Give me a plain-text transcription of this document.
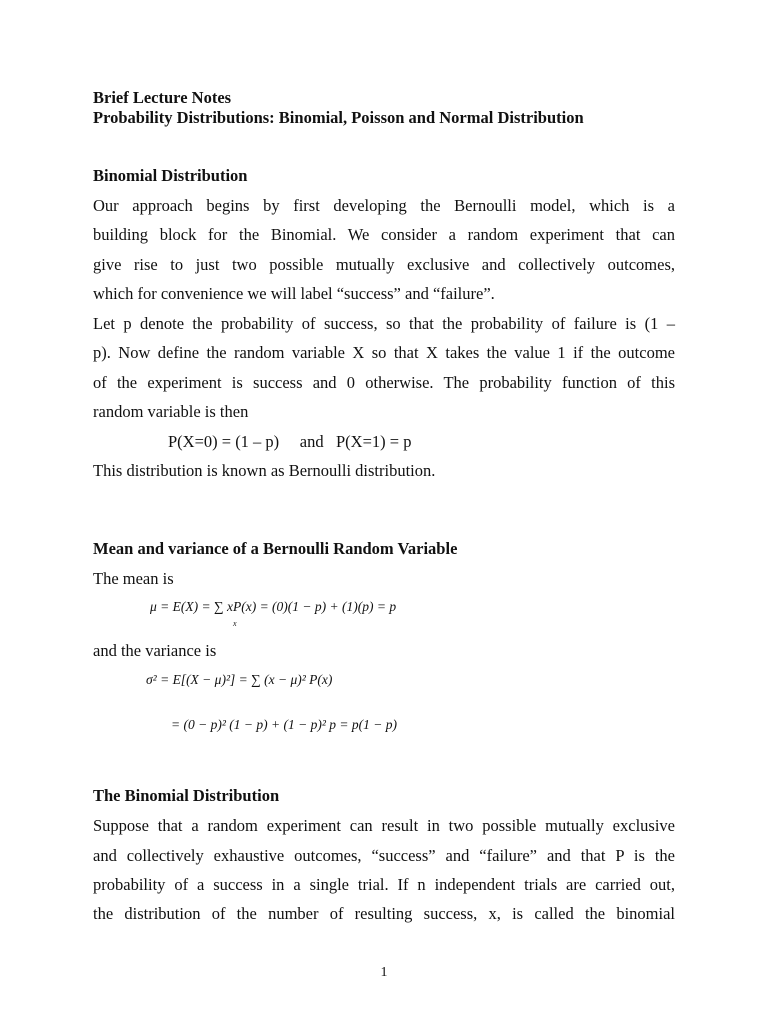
Brief Lecture Notes
Probability Distributions: Binomial, Poisson and Normal Distribution
Binomial Distribution
Our approach begins by first developing the Bernoulli model, which is a
building block for the Binomial. We consider a random experiment that can
give rise to just two possible mutually exclusive and collectively outcomes,
which for convenience we will label “success” and “failure”.
Let p denote the probability of success, so that the probability of failure is (1 –
p). Now define the random variable X so that X takes the value 1 if the outcome
of the experiment is success and 0 otherwise. The probability function of this
random variable is then
P(X=0) = (1 – p)     and   P(X=1) = p
This distribution is known as Bernoulli distribution.
Mean and variance of a Bernoulli Random Variable
The mean is
μ = E(X) = ∑ xP(x) = (0)(1 − p) + (1)(p) = p
x
and the variance is
σ² = E[(X − μ)²] = ∑ (x − μ)² P(x)
= (0 − p)² (1 − p) + (1 − p)² p = p(1 − p)
The Binomial Distribution
Suppose that a random experiment can result in two possible mutually exclusive
and collectively exhaustive outcomes, “success” and “failure” and that P is the
probability of a success in a single trial. If n independent trials are carried out,
the distribution of the number of resulting success, x, is called the binomial
1
